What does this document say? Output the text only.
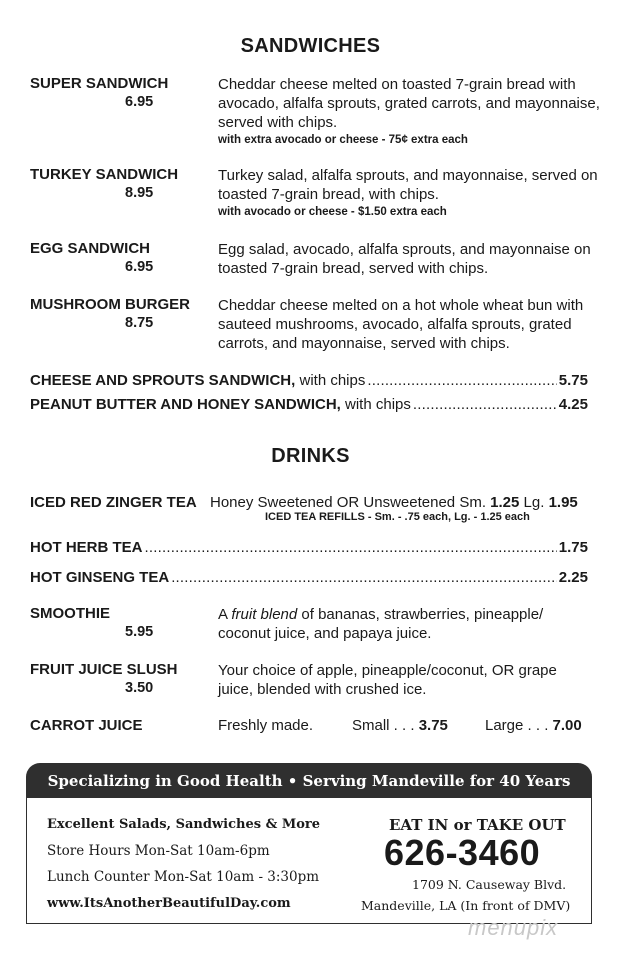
SANDWICHES
SUPER SANDWICH
6.95
Cheddar cheese melted on toasted 7-grain bread with avocado, alfalfa sprouts, grated carrots, and mayonnaise, served with chips.
with extra avocado or cheese - 75¢ extra each
TURKEY SANDWICH
8.95
Turkey salad, alfalfa sprouts, and mayonnaise, served on toasted 7-grain bread, with chips.
with avocado or cheese - $1.50 extra each
EGG SANDWICH
6.95
Egg salad, avocado, alfalfa sprouts, and mayonnaise on toasted 7-grain bread, served with chips.
MUSHROOM BURGER
8.75
Cheddar cheese melted on a hot whole wheat bun with sauteed mushrooms, avocado, alfalfa sprouts, grated carrots, and mayonnaise, served with chips.
CHEESE AND SPROUTS SANDWICH,
with chips .....	5.75
PEANUT BUTTER AND HONEY SANDWICH,
with chips .....	4.25
DRINKS
ICED RED ZINGER TEA Honey Sweetened OR Unsweetened Sm. 1.25 Lg. 1.95
ICED TEA REFILLS - Sm. - .75 each, Lg. - 1.25 each
HOT HERB TEA .....	1.75
HOT GINSENG TEA .....	2.25
SMOOTHIE
5.95
A fruit blend of bananas, strawberries, pineapple/ coconut juice, and papaya juice.
FRUIT JUICE SLUSH
3.50
Your choice of apple, pineapple/coconut, OR grape juice, blended with crushed ice.
CARROT JUICE	Freshly made.	Small . . . 3.75 Large . . . 7.00
Specializing in Good Health • Serving Mandeville for 40 Years
Excellent Salads, Sandwiches & More
Store Hours Mon-Sat 10am-6pm
Lunch Counter Mon-Sat 10am - 3:30pm
www.ItsAnotherBeautifulDay.com
EAT IN or TAKE OUT
626-3460
1709 N. Causeway Blvd.
Mandeville, LA (In front of DMV)
menupix
